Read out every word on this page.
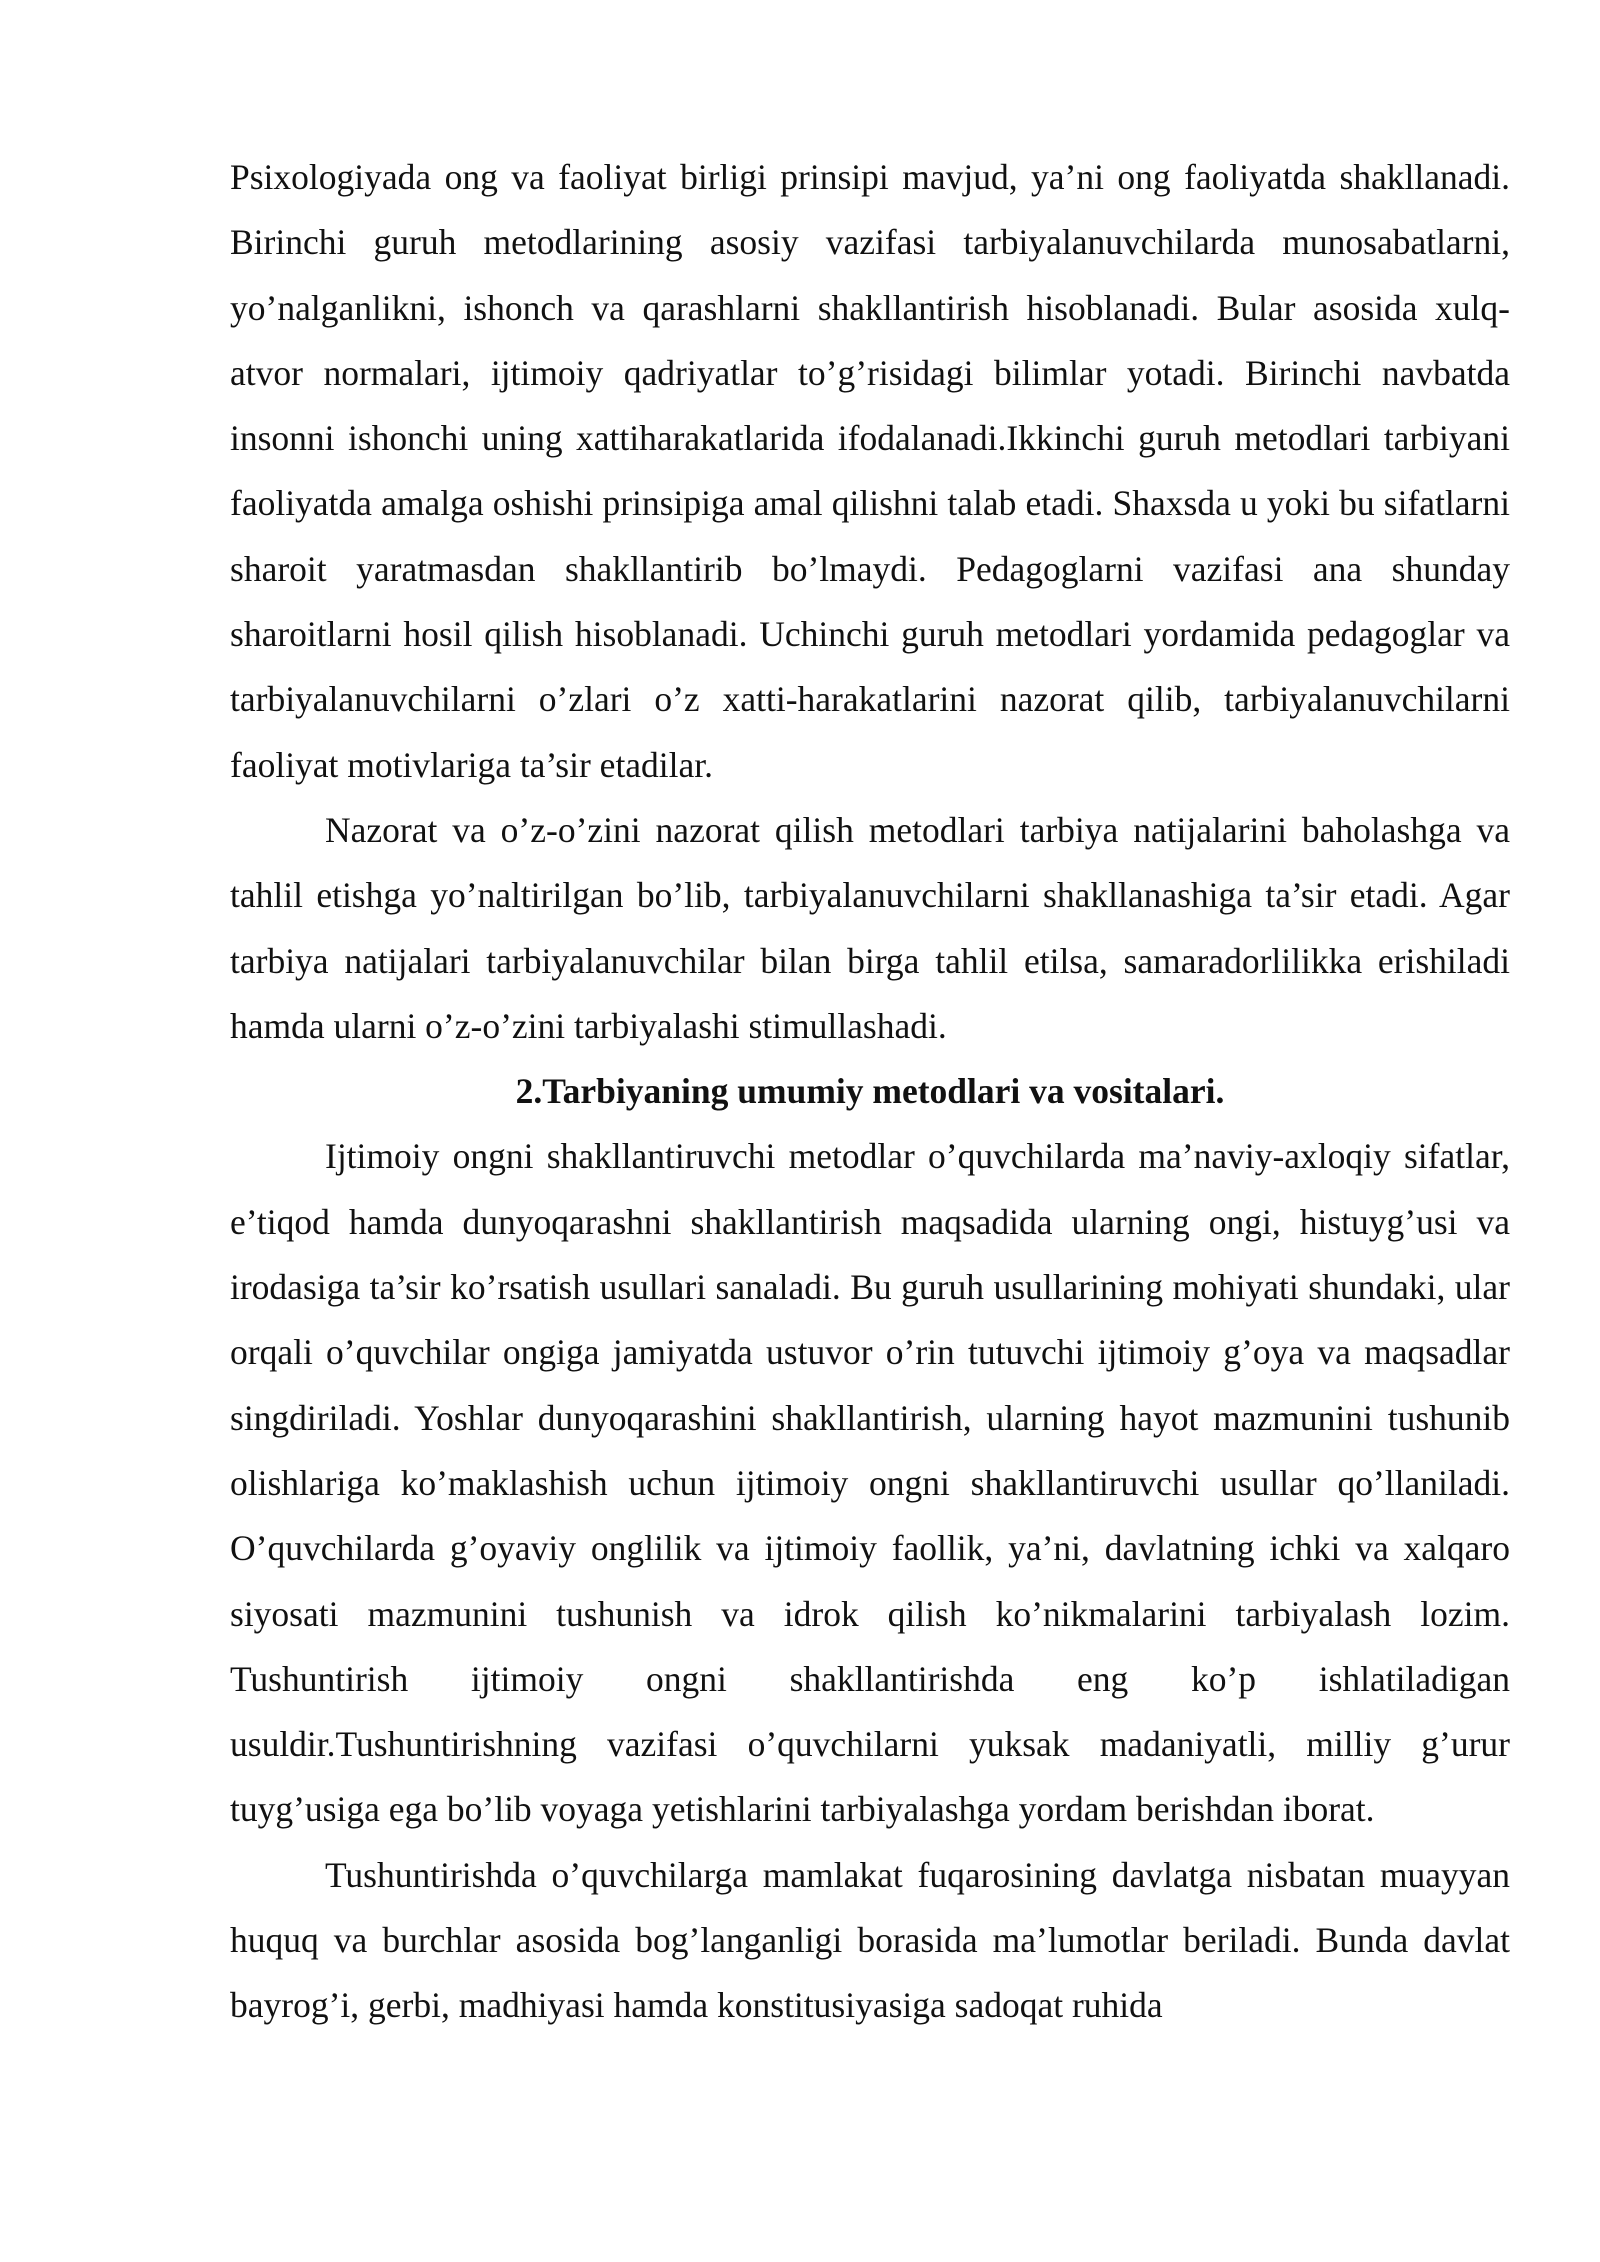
Psixologiyada ong va faoliyat birligi prinsipi mavjud, ya’ni ong faoliyatda shakllanadi. Birinchi guruh metodlarining asosiy vazifasi tarbiyalanuvchilarda munosabatlarni, yo’nalganlikni, ishonch va qarashlarni shakllantirish hisoblanadi. Bular asosida xulq-atvor normalari, ijtimoiy qadriyatlar to’g’risidagi bilimlar yotadi. Birinchi navbatda insonni ishonchi uning xattiharakatlarida ifodalanadi.Ikkinchi guruh metodlari tarbiyani faoliyatda amalga oshishi prinsipiga amal qilishni talab etadi. Shaxsda u yoki bu sifatlarni sharoit yaratmasdan shakllantirib bo’lmaydi. Pedagoglarni vazifasi ana shunday sharoitlarni hosil qilish hisoblanadi. Uchinchi guruh metodlari yordamida pedagoglar va tarbiyalanuvchilarni o’zlari o’z xatti-harakatlarini nazorat qilib, tarbiyalanuvchilarni faoliyat motivlariga ta’sir etadilar.

Nazorat va o’z-o’zini nazorat qilish metodlari tarbiya natijalarini baholashga va tahlil etishga yo’naltirilgan bo’lib, tarbiyalanuvchilarni shakllanashiga ta’sir etadi. Agar tarbiya natijalari tarbiyalanuvchilar bilan birga tahlil etilsa, samaradorlilikka erishiladi hamda ularni o’z-o’zini tarbiyalashi stimullashadi.

2.Tarbiyaning umumiy metodlari va vositalari.

Ijtimoiy ongni shakllantiruvchi metodlar o’quvchilarda ma’naviy-axloqiy sifatlar, e’tiqod hamda dunyoqarashni shakllantirish maqsadida ularning ongi, histuyg’usi va irodasiga ta’sir ko’rsatish usullari sanaladi. Bu guruh usullarining mohiyati shundaki, ular orqali o’quvchilar ongiga jamiyatda ustuvor o’rin tutuvchi ijtimoiy g’oya va maqsadlar singdiriladi. Yoshlar dunyoqarashini shakllantirish, ularning hayot mazmunini tushunib olishlariga ko’maklashish uchun ijtimoiy ongni shakllantiruvchi usullar qo’llaniladi. O’quvchilarda g’oyaviy onglilik va ijtimoiy faollik, ya’ni, davlatning ichki va xalqaro siyosati mazmunini tushunish va idrok qilish ko’nikmalarini tarbiyalash lozim. Tushuntirish ijtimoiy ongni shakllantirishda eng ko’p ishlatiladigan usuldir.Tushuntirishning vazifasi o’quvchilarni yuksak madaniyatli, milliy g’urur tuyg’usiga ega bo’lib voyaga yetishlarini tarbiyalashga yordam berishdan iborat.

Tushuntirishda o’quvchilarga mamlakat fuqarosining davlatga nisbatan muayyan huquq va burchlar asosida bog’langanligi borasida ma’lumotlar beriladi. Bunda davlat bayrog’i, gerbi, madhiyasi hamda konstitusiyasiga sadoqat ruhida
